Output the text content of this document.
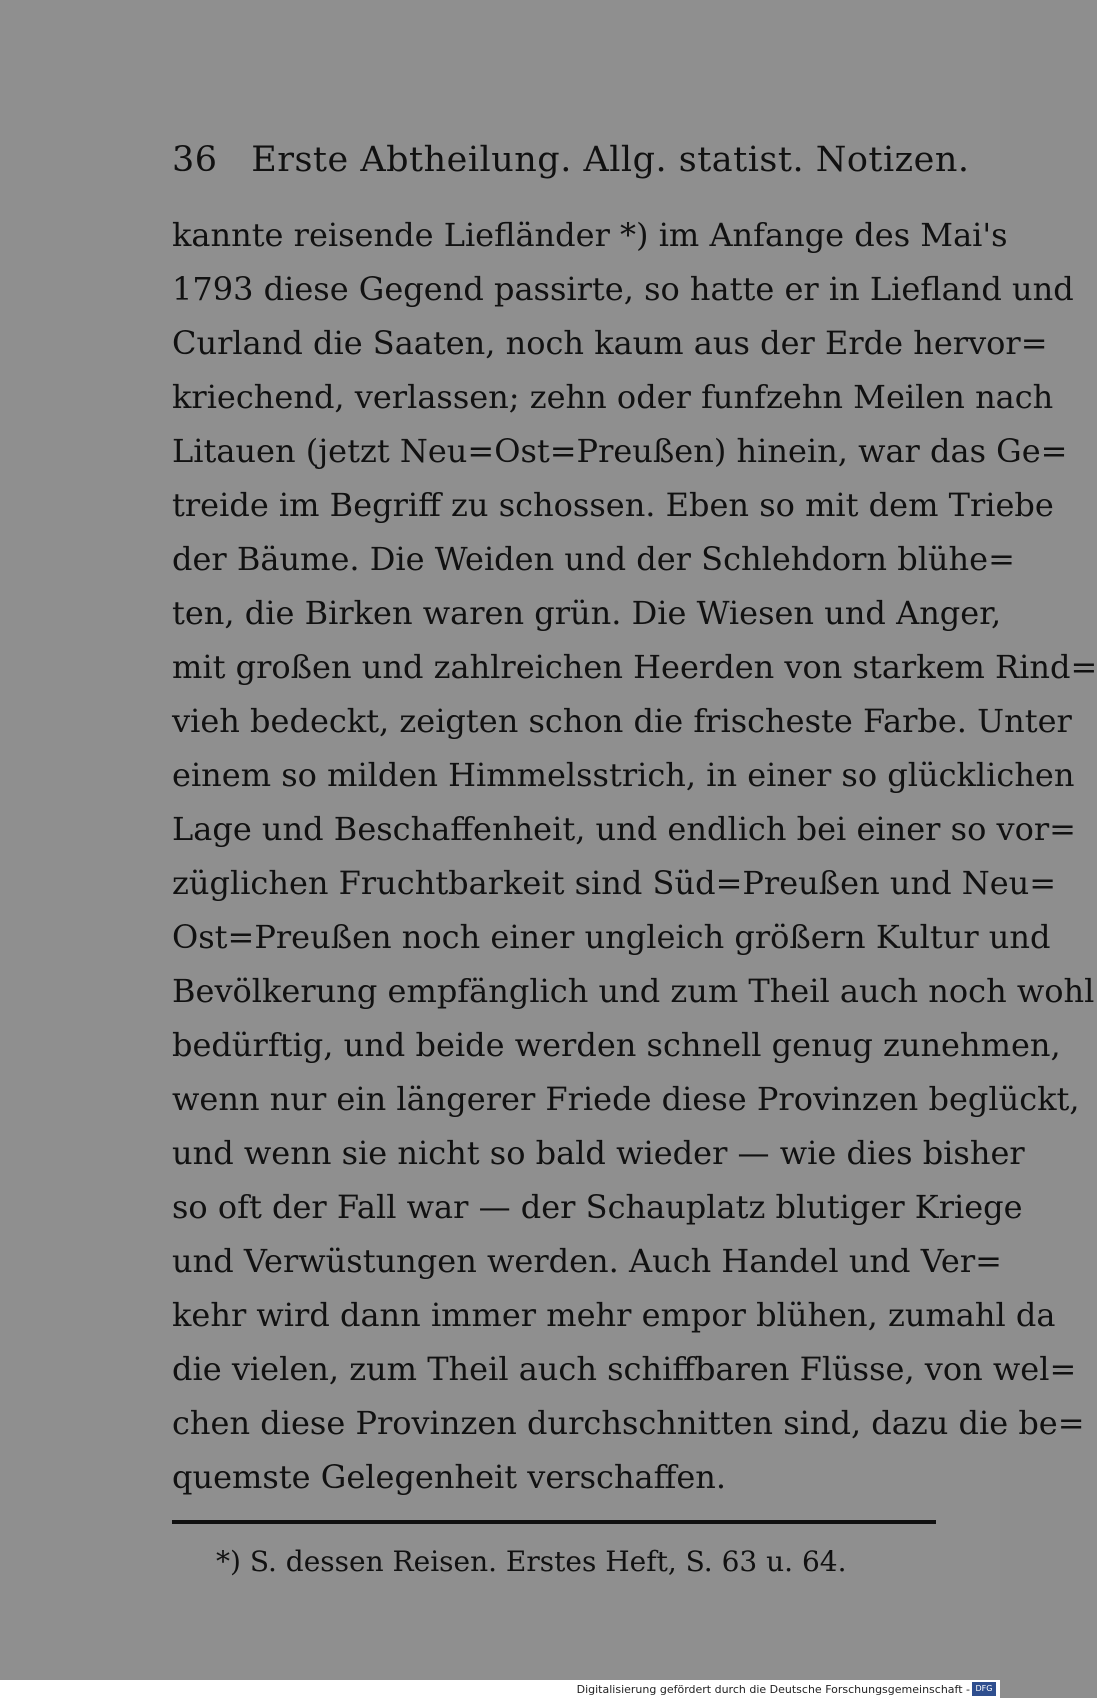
36 Erste Abtheilung. Allg. statist. Notizen.
kannte reisende Liefländer *) im Anfange des Mai's
1793 diese Gegend passirte, so hatte er in Liefland und
Curland die Saaten, noch kaum aus der Erde hervor=
kriechend, verlassen; zehn oder funfzehn Meilen nach
Litauen (jetzt Neu=Ost=Preußen) hinein, war das Ge=
treide im Begriff zu schossen. Eben so mit dem Triebe
der Bäume. Die Weiden und der Schlehdorn blühe=
ten, die Birken waren grün. Die Wiesen und Anger,
mit großen und zahlreichen Heerden von starkem Rind=
vieh bedeckt, zeigten schon die frischeste Farbe. Unter
einem so milden Himmelsstrich, in einer so glücklichen
Lage und Beschaffenheit, und endlich bei einer so vor=
züglichen Fruchtbarkeit sind Süd=Preußen und Neu=
Ost=Preußen noch einer ungleich größern Kultur und
Bevölkerung empfänglich und zum Theil auch noch wohl
bedürftig, und beide werden schnell genug zunehmen,
wenn nur ein längerer Friede diese Provinzen beglückt,
und wenn sie nicht so bald wieder — wie dies bisher
so oft der Fall war — der Schauplatz blutiger Kriege
und Verwüstungen werden. Auch Handel und Ver=
kehr wird dann immer mehr empor blühen, zumahl da
die vielen, zum Theil auch schiffbaren Flüsse, von wel=
chen diese Provinzen durchschnitten sind, dazu die be=
quemste Gelegenheit verschaffen.
*) S. dessen Reisen. Erstes Heft, S. 63 u. 64.
Digitalisierung gefördert durch die Deutsche Forschungsgemeinschaft - DFG
